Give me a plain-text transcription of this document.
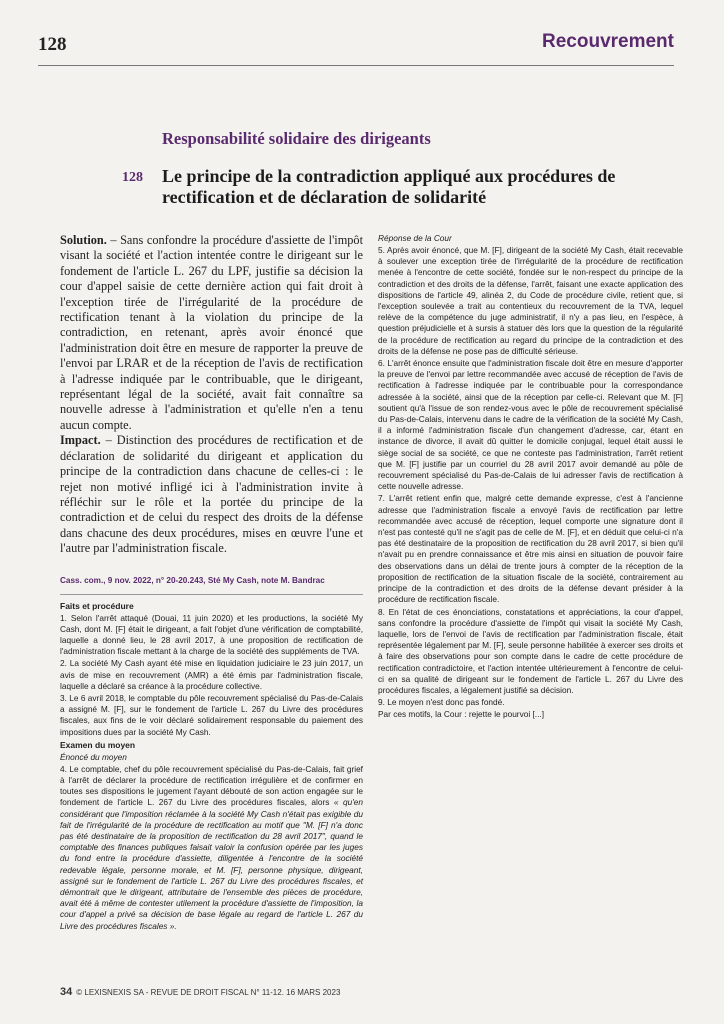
128	Recouvrement
Responsabilité solidaire des dirigeants
128 Le principe de la contradiction appliqué aux procédures de rectification et de déclaration de solidarité

Solution. – Sans confondre la procédure d'assiette de l'impôt visant la société et l'action intentée contre le dirigeant sur le fondement de l'article L. 267 du LPF, justifie sa décision la cour d'appel saisie de cette dernière action qui fait droit à l'exception tirée de l'irrégularité de la procédure de rectification tenant à la violation du principe de la contradiction, en retenant, après avoir énoncé que l'administration doit être en mesure de rapporter la preuve de l'envoi par LRAR et de la réception de l'avis de rectification à l'adresse indiquée par le contribuable, que le dirigeant, représentant légal de la société, avait fait connaître sa nouvelle adresse à l'administration et qu'elle n'en a tenu aucun compte.

Impact. – Distinction des procédures de rectification et de déclaration de solidarité du dirigeant et application du principe de la contradiction dans chacune de celles-ci : le rejet non motivé infligé ici à l'administration invite à réfléchir sur le rôle et la portée du principe de la contradiction et de celui du respect des droits de la défense dans chacune des deux procédures, mises en œuvre l'une et l'autre par l'administration fiscale.

Cass. com., 9 nov. 2022, n° 20-20.243, Sté My Cash, note M. Bandrac

Faits et procédure

1. Selon l'arrêt attaqué (Douai, 11 juin 2020) et les productions, la société My Cash, dont M. [F] était le dirigeant, a fait l'objet d'une vérification de comptabilité, laquelle a donné lieu, le 28 avril 2017, à une proposition de rectification de l'administration fiscale mettant à la charge de la société des suppléments de TVA.

2. La société My Cash ayant été mise en liquidation judiciaire le 23 juin 2017, un avis de mise en recouvrement (AMR) a été émis par l'administration fiscale, laquelle a déclaré sa créance à la procédure collective.

3. Le 6 avril 2018, le comptable du pôle recouvrement spécialisé du Pas-de-Calais a assigné M. [F], sur le fondement de l'article L. 267 du Livre des procédures fiscales, aux fins de le voir déclaré solidairement responsable du paiement des impositions dues par la société My Cash.

Examen du moyen
Énoncé du moyen

4. Le comptable, chef du pôle recouvrement spécialisé du Pas-de-Calais, fait grief à l'arrêt de déclarer la procédure de rectification irrégulière et de confirmer en toutes ses dispositions le jugement l'ayant débouté de son action engagée sur le fondement de l'article L. 267 du Livre des procédures fiscales, alors « qu'en considérant que l'imposition réclamée à la société My Cash n'était pas exigible du fait de l'irrégularité de la procédure de rectification au motif que "M. [F] n'a donc pas été destinataire de la proposition de rectification du 28 avril 2017", quand le comptable des finances publiques faisait valoir la confusion opérée par les juges du fond entre la procédure d'assiette, diligentée à l'encontre de la société redevable légale, personne morale, et M. [F], personne physique, dirigeant, assigné sur le fondement de l'article L. 267 du Livre des procédures fiscales, et démontrait que le dirigeant, attributaire de l'ensemble des pièces de procédure, avait été à même de contester utilement la procédure d'assiette de l'imposition, la cour d'appel a privé sa décision de base légale au regard de l'article L. 267 du Livre des procédures fiscales ».

Réponse de la Cour

5. Après avoir énoncé, que M. [F], dirigeant de la société My Cash, était recevable à soulever une exception tirée de l'irrégularité de la procédure de rectification menée à l'encontre de cette société, fondée sur le non-respect du principe de la contradiction et des droits de la défense, l'arrêt, faisant une exacte application des dispositions de l'article 49, alinéa 2, du Code de procédure civile, retient que, si l'exception soulevée a trait au contentieux du recouvrement de la TVA, lequel relève de la compétence du juge administratif, il n'y a pas lieu, en l'espèce, à question préjudicielle et à sursis à statuer dès lors que la question de la régularité de la procédure de rectification au regard du principe de la contradiction et des droits de la défense ne pose pas de difficulté sérieuse.

6. L'arrêt énonce ensuite que l'administration fiscale doit être en mesure d'apporter la preuve de l'envoi par lettre recommandée avec accusé de réception de l'avis de rectification à l'adresse indiquée par le contribuable pour la correspondance adressée à la société, ainsi que de la réception par celle-ci. Relevant que M. [F] soutient qu'à l'issue de son rendez-vous avec le pôle de recouvrement spécialisé du Pas-de-Calais, intervenu dans le cadre de la vérification de la société My Cash, il a informé l'administration fiscale d'un changement d'adresse, car, étant en instance de divorce, il avait dû quitter le domicile conjugal, lequel était aussi le siège social de sa société, ce que ne conteste pas l'administration, l'arrêt retient que M. [F] justifie par un courriel du 28 avril 2017 avoir demandé au pôle de recouvrement spécialisé du Pas-de-Calais de lui adresser l'avis de rectification à cette nouvelle adresse.

7. L'arrêt retient enfin que, malgré cette demande expresse, c'est à l'ancienne adresse que l'administration fiscale a envoyé l'avis de rectification par lettre recommandée avec accusé de réception, lequel comporte une signature dont il n'est pas contesté qu'il ne s'agit pas de celle de M. [F], et en déduit que celui-ci n'a pas été destinataire de la proposition de rectification du 28 avril 2017, si bien qu'il n'avait pu en prendre connaissance et être mis ainsi en situation de pouvoir faire des observations dans un délai de trente jours à compter de la réception de la proposition de rectification de la situation fiscale de la société, contrairement au principe de la contradiction et des droits de la défense devant présider à la procédure de rectification fiscale.

8. En l'état de ces énonciations, constatations et appréciations, la cour d'appel, sans confondre la procédure d'assiette de l'impôt qui visait la société My Cash, laquelle, lors de l'envoi de l'avis de rectification par l'administration fiscale, était représentée légalement par M. [F], seule personne habilitée à exercer ses droits et à faire des observations pour son compte dans le cadre de cette procédure de rectification contradictoire, et l'action intentée ultérieurement à l'encontre de celui-ci en sa qualité de dirigeant sur le fondement de l'article L. 267 du Livre des procédures fiscales, a légalement justifié sa décision.

9. Le moyen n'est donc pas fondé.

Par ces motifs, la Cour : rejette le pourvoi [...]

34 © LEXISNEXIS SA - REVUE DE DROIT FISCAL N° 11-12. 16 MARS 2023
